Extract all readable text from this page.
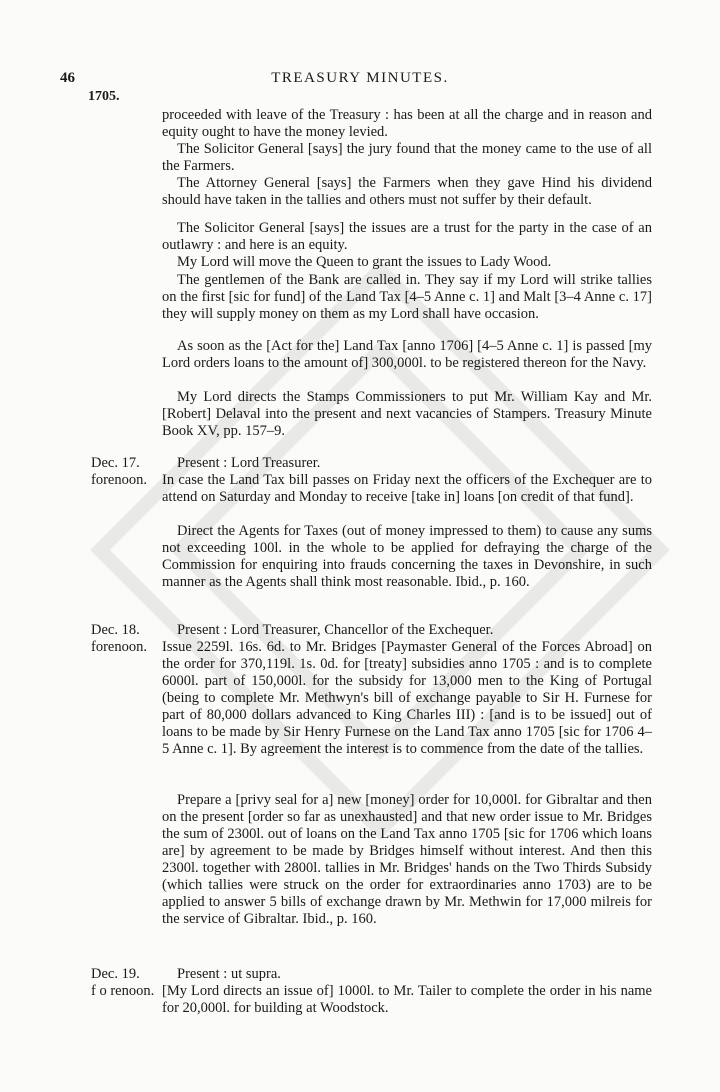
46	TREASURY MINUTES.
1705.

proceeded with leave of the Treasury : has been at all the charge and in reason and equity ought to have the money levied.

The Solicitor General [says] the jury found that the money came to the use of all the Farmers.

The Attorney General [says] the Farmers when they gave Hind his dividend should have taken in the tallies and others must not suffer by their default.

The Solicitor General [says] the issues are a trust for the party in the case of an outlawry : and here is an equity.

My Lord will move the Queen to grant the issues to Lady Wood.

The gentlemen of the Bank are called in. They say if my Lord will strike tallies on the first [sic for fund] of the Land Tax [4–5 Anne c. 1] and Malt [3–4 Anne c. 17] they will supply money on them as my Lord shall have occasion.

As soon as the [Act for the] Land Tax [anno 1706] [4–5 Anne c. 1] is passed [my Lord orders loans to the amount of] 300,000l. to be registered thereon for the Navy.

My Lord directs the Stamps Commissioners to put Mr. William Kay and Mr. [Robert] Delaval into the present and next vacancies of Stampers. Treasury Minute Book XV, pp. 157–9.

Dec. 17.
forenoon.

Present : Lord Treasurer.

In case the Land Tax bill passes on Friday next the officers of the Exchequer are to attend on Saturday and Monday to receive [take in] loans [on credit of that fund].

Direct the Agents for Taxes (out of money impressed to them) to cause any sums not exceeding 100l. in the whole to be applied for defraying the charge of the Commission for enquiring into frauds concerning the taxes in Devonshire, in such manner as the Agents shall think most reasonable. Ibid., p. 160.

Dec. 18.
forenoon.

Present : Lord Treasurer, Chancellor of the Exchequer.

Issue 2259l. 16s. 6d. to Mr. Bridges [Paymaster General of the Forces Abroad] on the order for 370,119l. 1s. 0d. for [treaty] subsidies anno 1705 : and is to complete 6000l. part of 150,000l. for the subsidy for 13,000 men to the King of Portugal (being to complete Mr. Methwyn's bill of exchange payable to Sir H. Furnese for part of 80,000 dollars advanced to King Charles III) : [and is to be issued] out of loans to be made by Sir Henry Furnese on the Land Tax anno 1705 [sic for 1706 4–5 Anne c. 1]. By agreement the interest is to commence from the date of the tallies.

Prepare a [privy seal for a] new [money] order for 10,000l. for Gibraltar and then on the present [order so far as unexhausted] and that new order issue to Mr. Bridges the sum of 2300l. out of loans on the Land Tax anno 1705 [sic for 1706 which loans are] by agreement to be made by Bridges himself without interest. And then this 2300l. together with 2800l. tallies in Mr. Bridges' hands on the Two Thirds Subsidy (which tallies were struck on the order for extraordinaries anno 1703) are to be applied to answer 5 bills of exchange drawn by Mr. Methwin for 17,000 milreis for the service of Gibraltar. Ibid., p. 160.

Dec. 19.
f o renoon.

Present : ut supra.

[My Lord directs an issue of] 1000l. to Mr. Tailer to complete the order in his name for 20,000l. for building at Woodstock.
